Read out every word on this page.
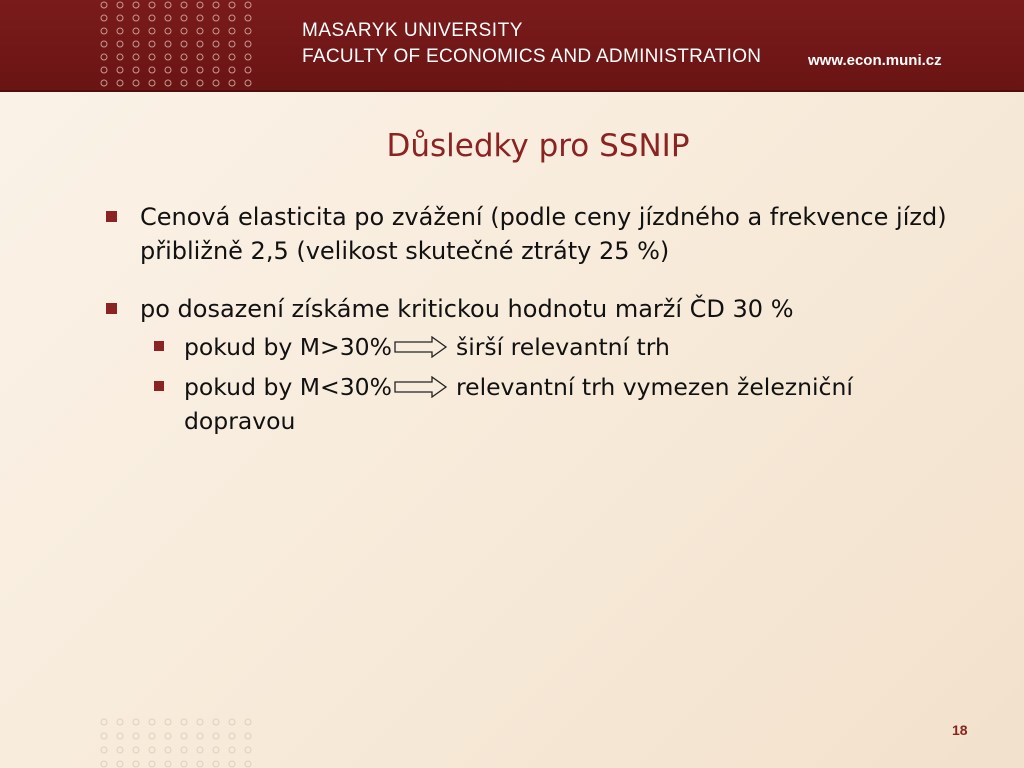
MASARYK UNIVERSITY
FACULTY OF ECONOMICS AND ADMINISTRATION	www.econ.muni.cz
Důsledky pro SSNIP
Cenová elasticita po zvážení (podle ceny jízdného a frekvence jízd) přibližně 2,5 (velikost skutečné ztráty 25 %)
po dosazení získáme kritickou hodnotu marží ČD 30 %
pokud by M>30%	širší relevantní trh
pokud by M<30%	relevantní trh vymezen železniční dopravou
18
